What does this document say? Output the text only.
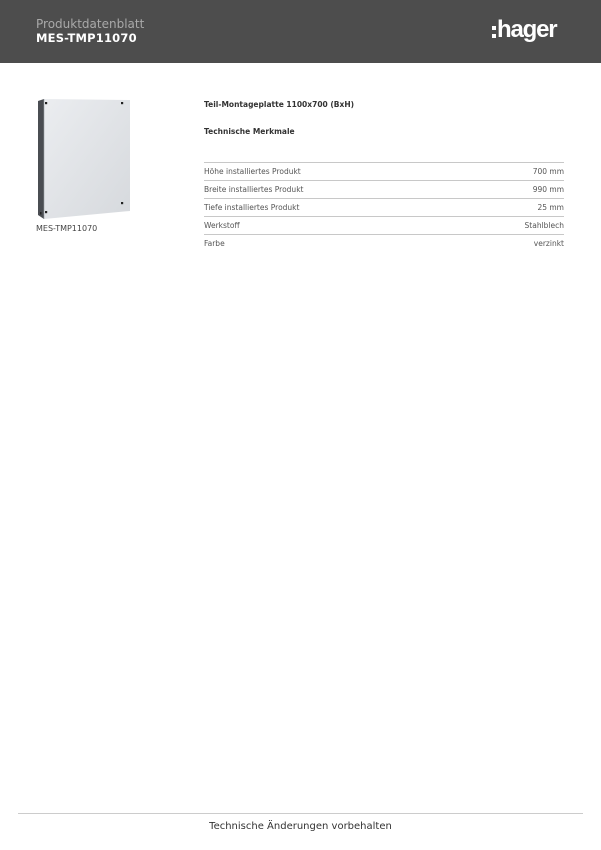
Produktdatenblatt
MES-TMP11070	hager
MES-TMP11070
Teil-Montageplatte 1100x700 (BxH)
Technische Merkmale
Höhe installiertes Produkt	700 mm
Breite installiertes Produkt	990 mm
Tiefe installiertes Produkt	25 mm
Werkstoff	Stahlblech
Farbe	verzinkt
Technische Änderungen vorbehalten
